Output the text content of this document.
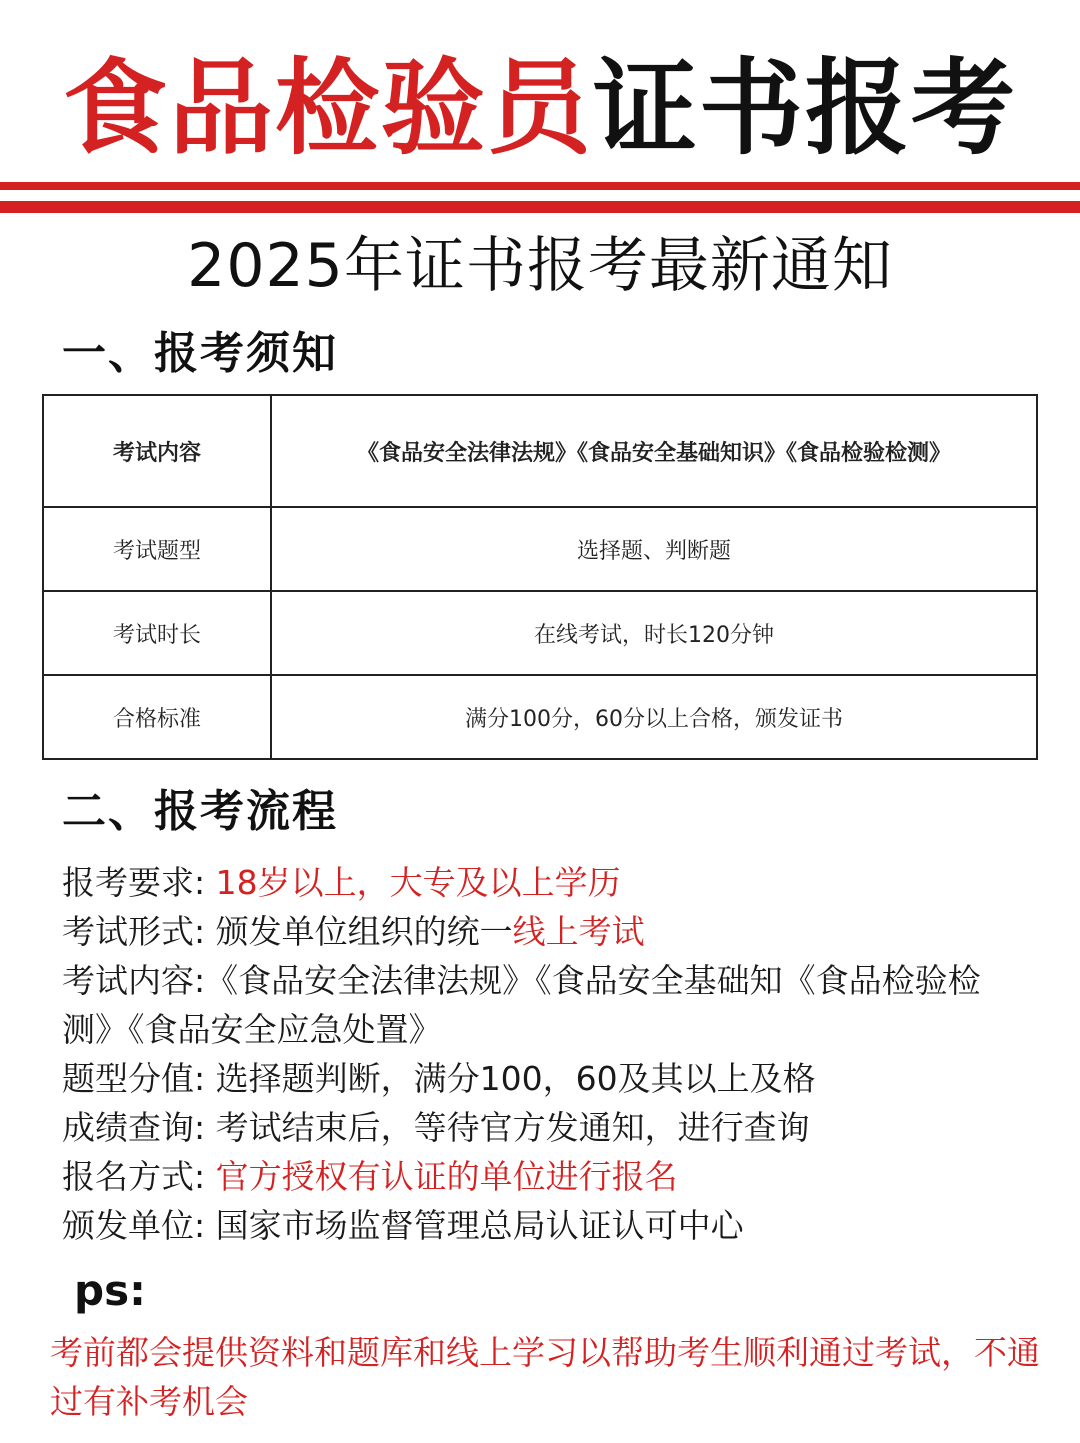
食品检验员证书报考
2025年证书报考最新通知
一、报考须知
考试内容	《食品安全法律法规》《食品安全基础知识》《食品检验检测》
考试题型	选择题、判断题
考试时长	在线考试，时长120分钟
合格标准	满分100分，60分以上合格，颁发证书
二、报考流程
报考要求: 18岁以上，大专及以上学历
考试形式: 颁发单位组织的统一线上考试
考试内容:《食品安全法律法规》《食品安全基础知《食品检验检测》《食品安全应急处置》
题型分值: 选择题判断，满分100，60及其以上及格
成绩查询: 考试结束后，等待官方发通知，进行查询
报名方式: 官方授权有认证的单位进行报名
颁发单位: 国家市场监督管理总局认证认可中心
ps:
考前都会提供资料和题库和线上学习以帮助考生顺利通过考试，不通过有补考机会
